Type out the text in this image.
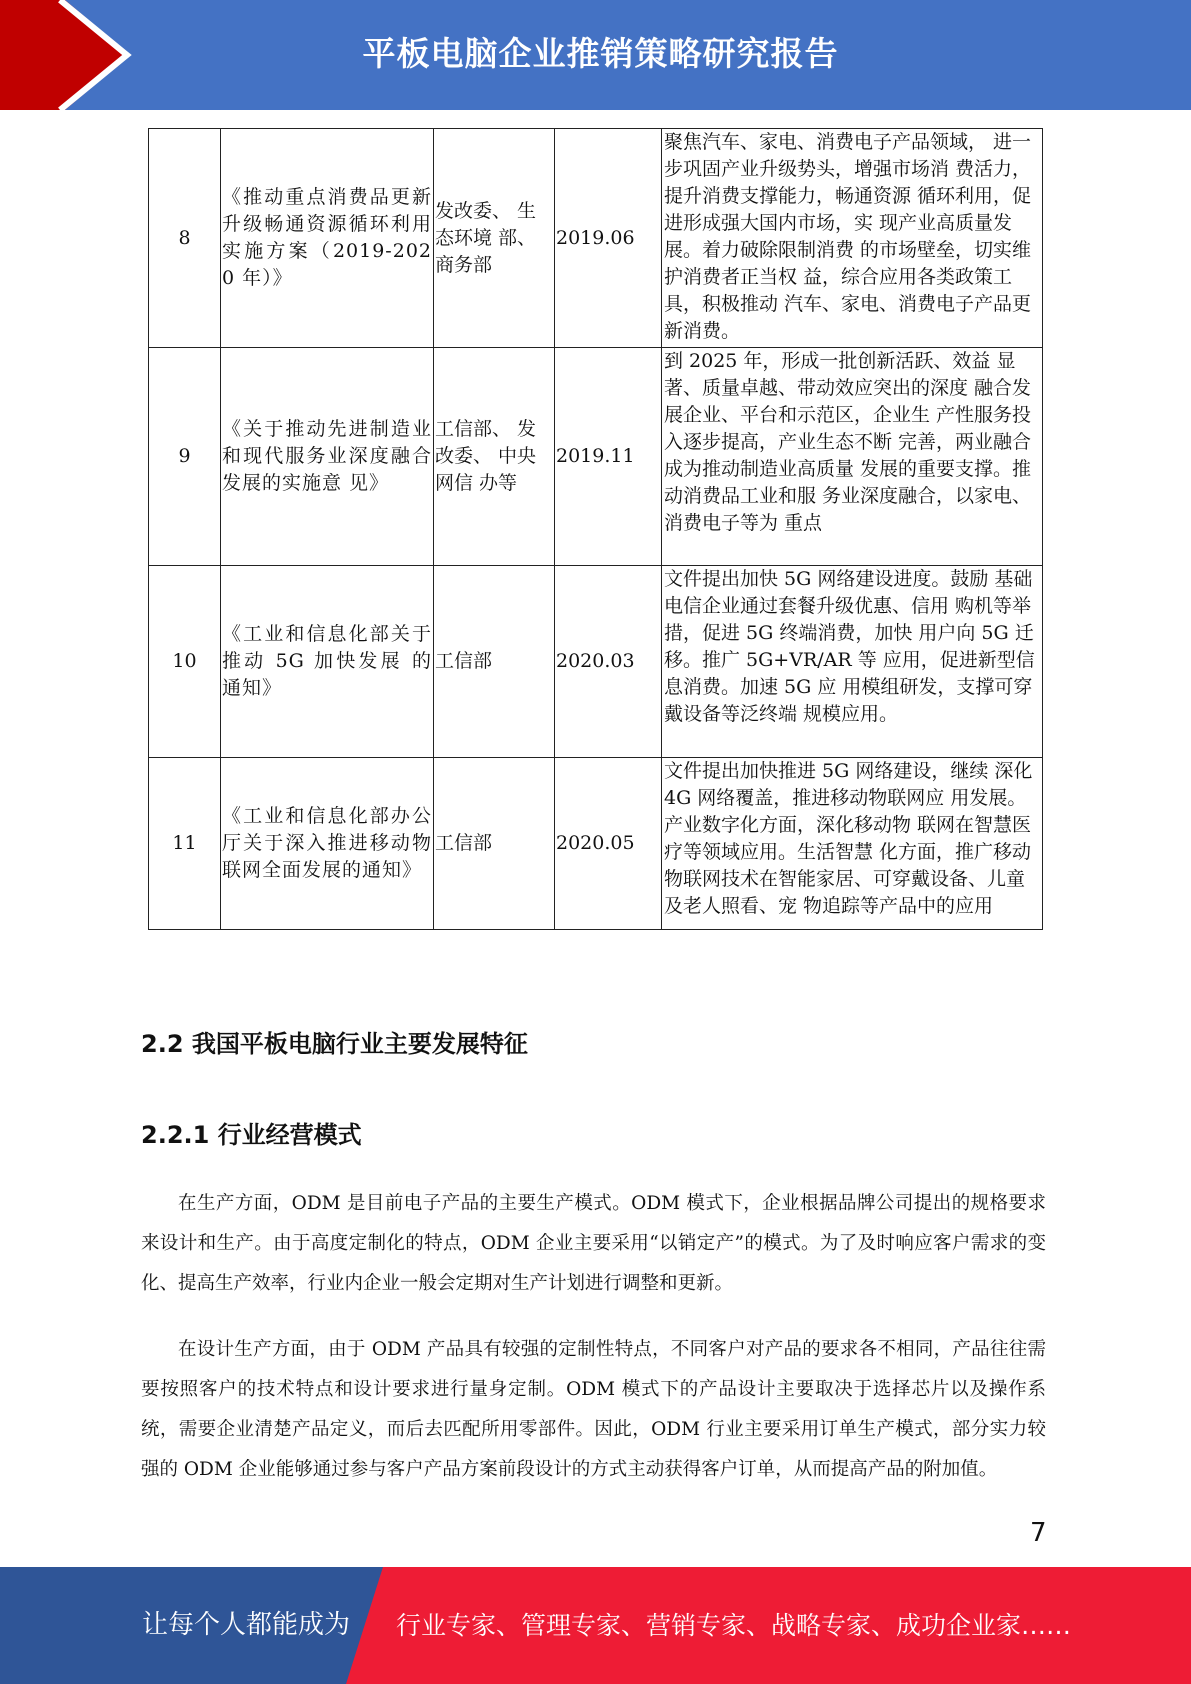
平板电脑企业推销策略研究报告
8	《推动重点消费品更新升级畅通资源循环利用实施方案（2019-2020 年）》	发改委、 生态环境 部、商务部	2019.06	聚焦汽车、家电、消费电子产品领域， 进一步巩固产业升级势头，增强市场消 费活力，提升消费支撑能力，畅通资源 循环利用，促进形成强大国内市场，实 现产业高质量发展。着力破除限制消费 的市场壁垒，切实维护消费者正当权 益，综合应用各类政策工具，积极推动 汽车、家电、消费电子产品更新消费。
9	《关于推动先进制造业和现代服务业深度融合发展的实施意 见》	工信部、 发改委、 中央网信 办等	2019.11	到 2025 年，形成一批创新活跃、效益 显著、质量卓越、带动效应突出的深度 融合发展企业、平台和示范区，企业生 产性服务投入逐步提高，产业生态不断 完善，两业融合成为推动制造业高质量 发展的重要支撑。推动消费品工业和服 务业深度融合，以家电、消费电子等为 重点
10	《工业和信息化部关于推动 5G 加快发展 的通知》	工信部	2020.03	文件提出加快 5G 网络建设进度。鼓励 基础电信企业通过套餐升级优惠、信用 购机等举措，促进 5G 终端消费，加快 用户向 5G 迁移。推广 5G+VR/AR 等 应用，促进新型信息消费。加速 5G 应 用模组研发，支撑可穿戴设备等泛终端 规模应用。
11	《工业和信息化部办公厅关于深入推进移动物联网全面发展的通知》	工信部	2020.05	文件提出加快推进 5G 网络建设，继续 深化 4G 网络覆盖，推进移动物联网应 用发展。产业数字化方面，深化移动物 联网在智慧医疗等领域应用。生活智慧 化方面，推广移动物联网技术在智能家居、可穿戴设备、儿童及老人照看、宠 物追踪等产品中的应用
2.2 我国平板电脑行业主要发展特征
2.2.1 行业经营模式
在生产方面，ODM 是目前电子产品的主要生产模式。ODM 模式下，企业根据品牌公司提出的规格要求来设计和生产。由于高度定制化的特点，ODM 企业主要采用“以销定产”的模式。为了及时响应客户需求的变化、提高生产效率，行业内企业一般会定期对生产计划进行调整和更新。
在设计生产方面，由于 ODM 产品具有较强的定制性特点，不同客户对产品的要求各不相同，产品往往需要按照客户的技术特点和设计要求进行量身定制。ODM 模式下的产品设计主要取决于选择芯片以及操作系统，需要企业清楚产品定义，而后去匹配所用零部件。因此，ODM 行业主要采用订单生产模式，部分实力较强的 ODM 企业能够通过参与客户产品方案前段设计的方式主动获得客户订单，从而提高产品的附加值。
7
让每个人都能成为 行业专家、管理专家、营销专家、战略专家、成功企业家……
